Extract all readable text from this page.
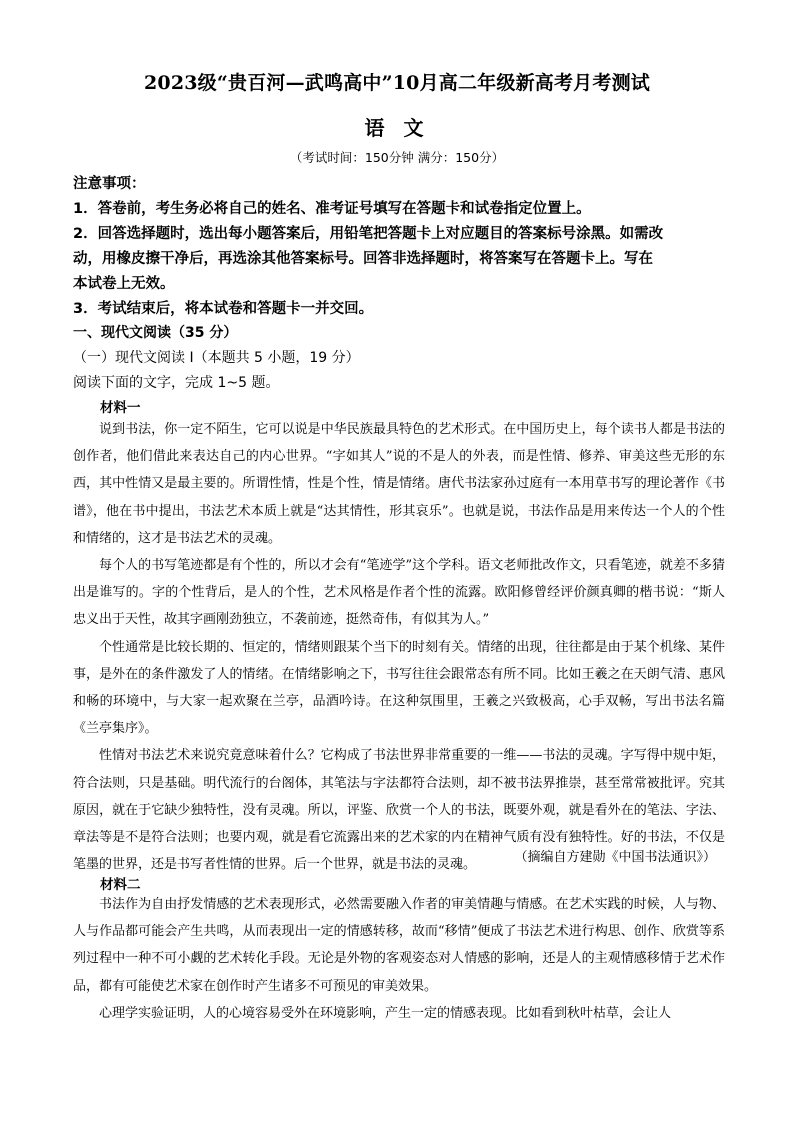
2023级“贵百河—武鸣高中”10月高二年级新高考月考测试
语 文
（考试时间：150分钟 满分：150分）
注意事项：
1．答卷前，考生务必将自己的姓名、准考证号填写在答题卡和试卷指定位置上。
2．回答选择题时，选出每小题答案后，用铅笔把答题卡上对应题目的答案标号涂黑。如需改
动，用橡皮擦干净后，再选涂其他答案标号。回答非选择题时，将答案写在答题卡上。写在
本试卷上无效。
3．考试结束后，将本试卷和答题卡一并交回。
一、现代文阅读（35 分）
（一）现代文阅读 I（本题共 5 小题，19 分）
阅读下面的文字，完成 1~5 题。
材料一

说到书法，你一定不陌生，它可以说是中华民族最具特色的艺术形式。在中国历史上，每个读书人都是书法的创作者，他们借此来表达自己的内心世界。“字如其人”说的不是人的外表，而是性情、修养、审美这些无形的东西，其中性情又是最主要的。所谓性情，性是个性，情是情绪。唐代书法家孙过庭有一本用草书写的理论著作《书谱》，他在书中提出，书法艺术本质上就是“达其情性，形其哀乐”。也就是说，书法作品是用来传达一个人的个性和情绪的，这才是书法艺术的灵魂。

每个人的书写笔迹都是有个性的，所以才会有“笔迹学”这个学科。语文老师批改作文，只看笔迹，就差不多猜出是谁写的。字的个性背后，是人的个性，艺术风格是作者个性的流露。欧阳修曾经评价颜真卿的楷书说：“斯人忠义出于天性，故其字画刚劲独立，不袭前迹，挺然奇伟，有似其为人。”

个性通常是比较长期的、恒定的，情绪则跟某个当下的时刻有关。情绪的出现，往往都是由于某个机缘、某件事，是外在的条件激发了人的情绪。在情绪影响之下，书写往往会跟常态有所不同。比如王羲之在天朗气清、惠风和畅的环境中，与大家一起欢聚在兰亭，品酒吟诗。在这种氛围里，王羲之兴致极高，心手双畅，写出书法名篇《兰亭集序》。

性情对书法艺术来说究竟意味着什么？它构成了书法世界非常重要的一维——书法的灵魂。字写得中规中矩，符合法则，只是基础。明代流行的台阁体，其笔法与字法都符合法则，却不被书法界推崇，甚至常常被批评。究其原因，就在于它缺少独特性，没有灵魂。所以，评鉴、欣赏一个人的书法，既要外观，就是看外在的笔法、字法、章法等是不是符合法则；也要内观，就是看它流露出来的艺术家的内在精神气质有没有独特性。好的书法，不仅是笔墨的世界，还是书写者性情的世界。后一个世界，就是书法的灵魂。	（摘编自方建勋《中国书法通识》）
材料二

书法作为自由抒发情感的艺术表现形式，必然需要融入作者的审美情趣与情感。在艺术实践的时候，人与物、人与作品都可能会产生共鸣，从而表现出一定的情感转移，故而“移情”便成了书法艺术进行构思、创作、欣赏等系列过程中一种不可小觑的艺术转化手段。无论是外物的客观姿态对人情感的影响，还是人的主观情感移情于艺术作品，都有可能使艺术家在创作时产生诸多不可预见的审美效果。

心理学实验证明，人的心境容易受外在环境影响，产生一定的情感表现。比如看到秋叶枯草，会让人
